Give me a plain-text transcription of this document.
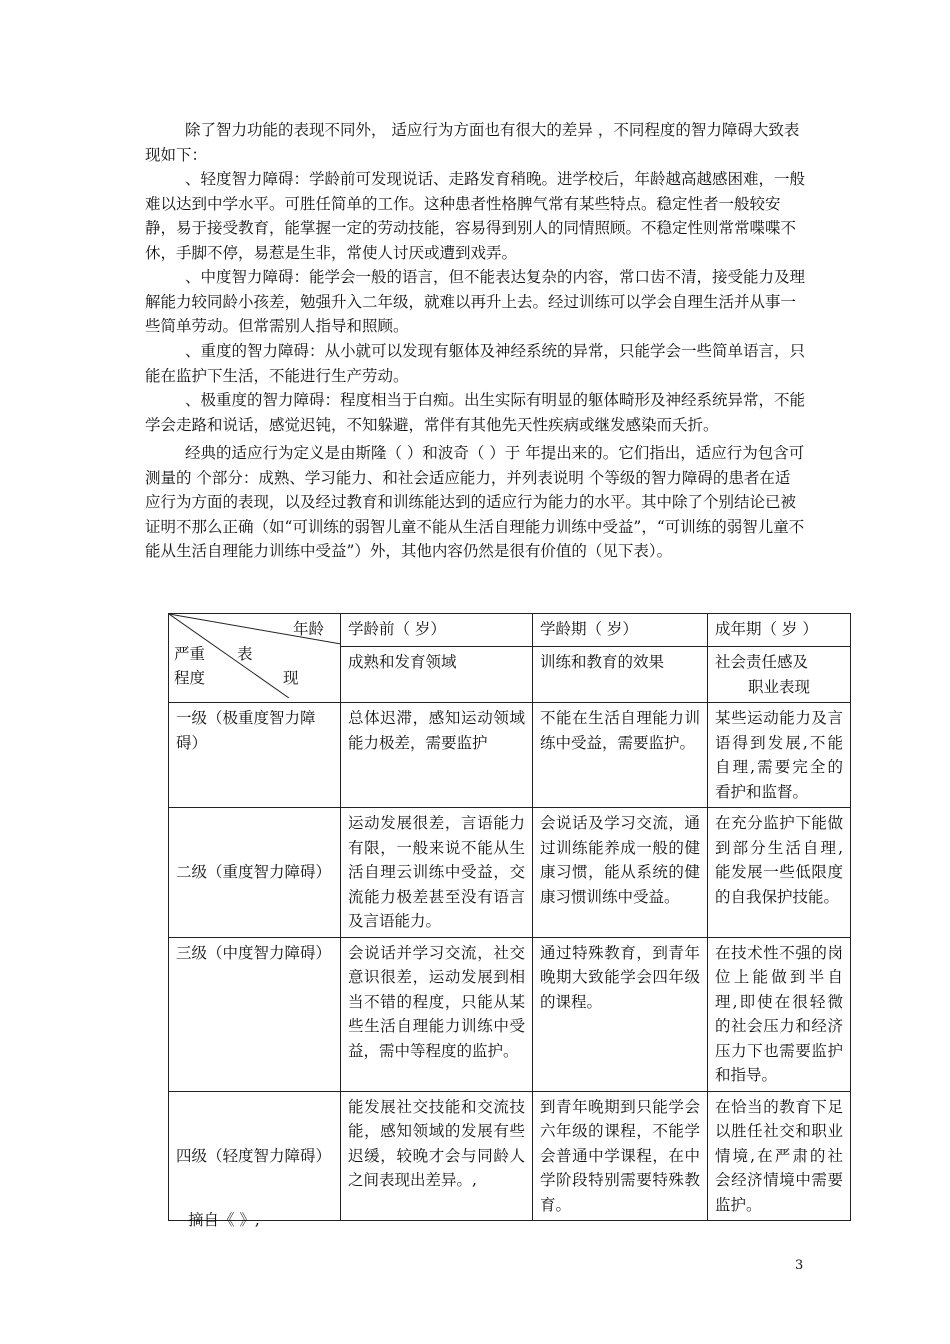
除了智力功能的表现不同外， 适应行为方面也有很大的差异 ，不同程度的智力障碍大致表现如下：

、轻度智力障碍：学龄前可发现说话、走路发育稍晚。进学校后，年龄越高越感困难，一般难以达到中学水平。可胜任简单的工作。这种患者性格脾气常有某些特点。稳定性者一般较安静，易于接受教育，能掌握一定的劳动技能，容易得到别人的同情照顾。不稳定性则常常喋喋不休，手脚不停，易惹是生非，常使人讨厌或遭到戏弄。

、中度智力障碍：能学会一般的语言，但不能表达复杂的内容，常口齿不清，接受能力及理解能力较同龄小孩差，勉强升入二年级，就难以再升上去。经过训练可以学会自理生活并从事一些简单劳动。但常需别人指导和照顾。

、重度的智力障碍：从小就可以发现有躯体及神经系统的异常，只能学会一些简单语言，只能在监护下生活，不能进行生产劳动。

、极重度的智力障碍：程度相当于白痴。出生实际有明显的躯体畸形及神经系统异常，不能学会走路和说话，感觉迟钝，不知躲避，常伴有其他先天性疾病或继发感染而夭折。

经典的适应行为定义是由斯隆（ ）和波奇（ ）于 年提出来的。它们指出，适应行为包含可测量的 个部分：成熟、学习能力、和社会适应能力，并列表说明 个等级的智力障碍的患者在适应行为方面的表现，以及经过教育和训练能达到的适应行为能力的水平。其中除了个别结论已被证明不那么正确（如“可训练的弱智儿童不能从生活自理能力训练中受益”，“可训练的弱智儿童不能从生活自理能力训练中受益”）外，其他内容仍然是很有价值的（见下表）。

年龄
严重 表
程度 现	学龄前（ 岁）	学龄期（ 岁）	成年期（ 岁 ）
	成熟和发育领域	训练和教育的效果	社会责任感及
职业表现

一级（极重度智力障碍）	总体迟滞，感知运动领域能力极差，需要监护	不能在生活自理能力训练中受益，需要监护。	某些运动能力及言语得到发展,不能自理,需要完全的看护和监督。
二级（重度智力障碍）	运动发展很差，言语能力有限，一般来说不能从生活自理云训练中受益，交流能力极差甚至没有语言及言语能力。	会说话及学习交流，通过训练能养成一般的健康习惯，能从系统的健康习惯训练中受益。	在充分监护下能做到部分生活自理,能发展一些低限度的自我保护技能。
三级（中度智力障碍）	会说话并学习交流，社交意识很差，运动发展到相当不错的程度，只能从某些生活自理能力训练中受益，需中等程度的监护。	通过特殊教育，到青年晚期大致能学会四年级的课程。	在技术性不强的岗位上能做到半自理,即使在很轻微的社会压力和经济压力下也需要监护和指导。
四级（轻度智力障碍）	能发展社交技能和交流技能，感知领域的发展有些迟缓，较晚才会与同龄人之间表现出差异。,	到青年晚期到只能学会六年级的课程，不能学会普通中学课程，在中学阶段特别需要特殊教育。	在恰当的教育下足以胜任社交和职业情境,在严肃的社会经济情境中需要监护。
摘自《 》,
3
